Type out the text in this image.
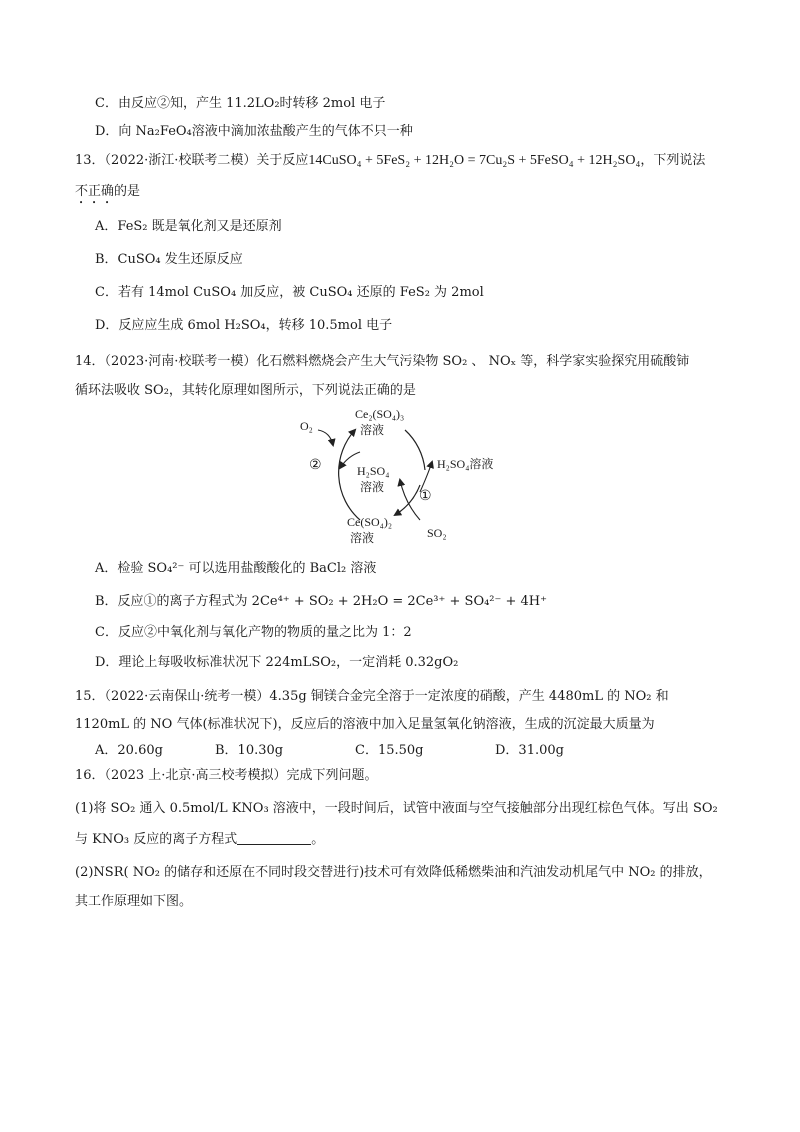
C．由反应②知，产生 11.2LO₂时转移 2mol 电子
D．向 Na₂FeO₄溶液中滴加浓盐酸产生的气体不只一种
13．（2022·浙江·校联考二模）关于反应14CuSO₄ + 5FeS₂ + 12H₂O = 7Cu₂S + 5FeSO₄ + 12H₂SO₄，下列说法
不正确的是
A．FeS₂ 既是氧化剂又是还原剂
B．CuSO₄ 发生还原反应
C．若有 14mol CuSO₄ 加反应，被 CuSO₄ 还原的 FeS₂ 为 2mol
D．反应应生成 6mol H₂SO₄，转移 10.5mol 电子
14．（2023·河南·校联考一模）化石燃料燃烧会产生大气污染物 SO₂ 、 NOₓ 等，科学家实验探究用硫酸铈
循环法吸收 SO₂，其转化原理如图所示，下列说法正确的是
O₂
Ce₂(SO₄)₃
溶液
H₂SO₄
溶液
Ce(SO₄)₂
溶液
H₂SO₄溶液
SO₂
②
①
A．检验 SO₄²⁻ 可以选用盐酸酸化的 BaCl₂ 溶液
B．反应①的离子方程式为 2Ce⁴⁺ + SO₂ + 2H₂O = 2Ce³⁺ + SO₄²⁻ + 4H⁺
C．反应②中氧化剂与氧化产物的物质的量之比为 1：2
D．理论上每吸收标准状况下 224mLSO₂，一定消耗 0.32gO₂
15．（2022·云南保山·统考一模）4.35g 铜镁合金完全溶于一定浓度的硝酸，产生 4480mL 的 NO₂ 和
1120mL 的 NO 气体(标准状况下)，反应后的溶液中加入足量氢氧化钠溶液，生成的沉淀最大质量为
A．20.60g	B．10.30g	C．15.50g	D．31.00g
16．（2023 上·北京·高三校考模拟）完成下列问题。
(1)将 SO₂ 通入 0.5mol/L KNO₃ 溶液中，一段时间后，试管中液面与空气接触部分出现红棕色气体。写出 SO₂
与 KNO₃ 反应的离子方程式	。
(2)NSR( NO₂ 的储存和还原在不同时段交替进行)技术可有效降低稀燃柴油和汽油发动机尾气中 NO₂ 的排放，
其工作原理如下图。
